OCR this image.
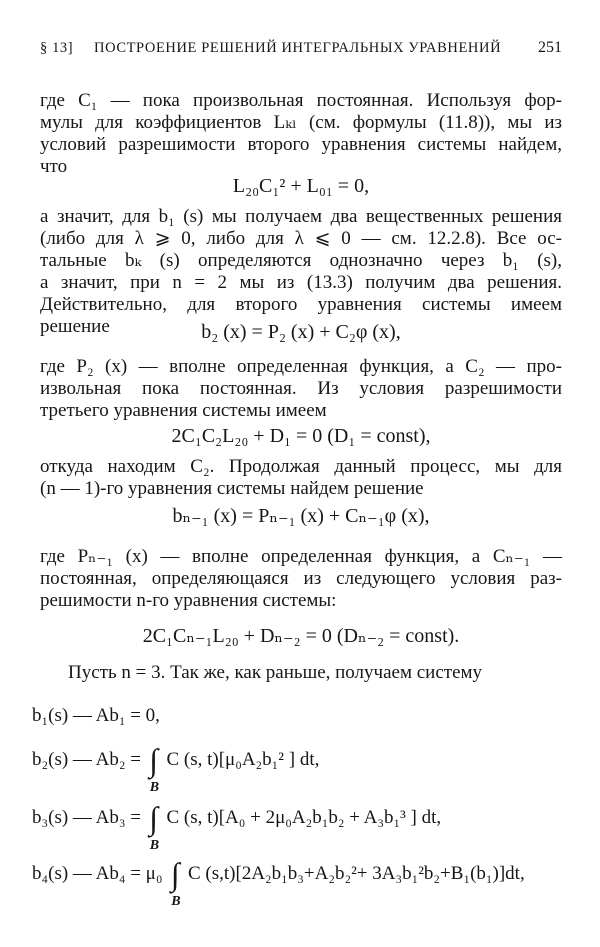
§ 13] ПОСТРОЕНИЕ РЕШЕНИЙ ИНТЕГРАЛЬНЫХ УРАВНЕНИЙ 251
где C₁ — пока произвольная постоянная. Используя фор-
мулы для коэффициентов Lₖₗ (см. формулы (11.8)), мы из
условий разрешимости второго уравнения системы найдем,
что
L₂₀C₁² + L₀₁ = 0,
а значит, для b₁ (s) мы получаем два вещественных решения
(либо для λ ⩾ 0, либо для λ ⩽ 0 — см. 12.2.8). Все ос-
тальные bₖ (s) определяются однозначно через b₁ (s),
а значит, при n = 2 мы из (13.3) получим два решения.
Действительно, для второго уравнения системы имеем
решение	b₂ (x) = P₂ (x) + C₂φ (x),
где P₂ (x) — вполне определенная функция, а C₂ — про-
извольная пока постоянная. Из условия разрешимости
третьего уравнения системы имеем
2C₁C₂L₂₀ + D₁ = 0 (D₁ = const),
откуда находим C₂. Продолжая данный процесс, мы для
(n — 1)-го уравнения системы найдем решение
bₙ₋₁ (x) = Pₙ₋₁ (x) + Cₙ₋₁φ (x),
где Pₙ₋₁ (x) — вполне определенная функция, а Cₙ₋₁ —
постоянная, определяющаяся из следующего условия раз-
решимости n-го уравнения системы:
2C₁Cₙ₋₁L₂₀ + Dₙ₋₂ = 0 (Dₙ₋₂ = const).
Пусть n = 3. Так же, как раньше, получаем систему
b₁(s) — Ab₁ = 0,
b₂(s) — Ab₂ = ∫
B
C (s, t)[μ₀A₂b₁² ] dt,
b₃(s) — Ab₃ = ∫
B
C (s, t)[A₀ + 2μ₀A₂b₁b₂ + A₃b₁³ ] dt,
b₄(s) — Ab₄ = μ₀ ∫
B
C (s,t)[2A₂b₁b₃+A₂b₂²+ 3A₃b₁²b₂+B₁(b₁)]dt,
